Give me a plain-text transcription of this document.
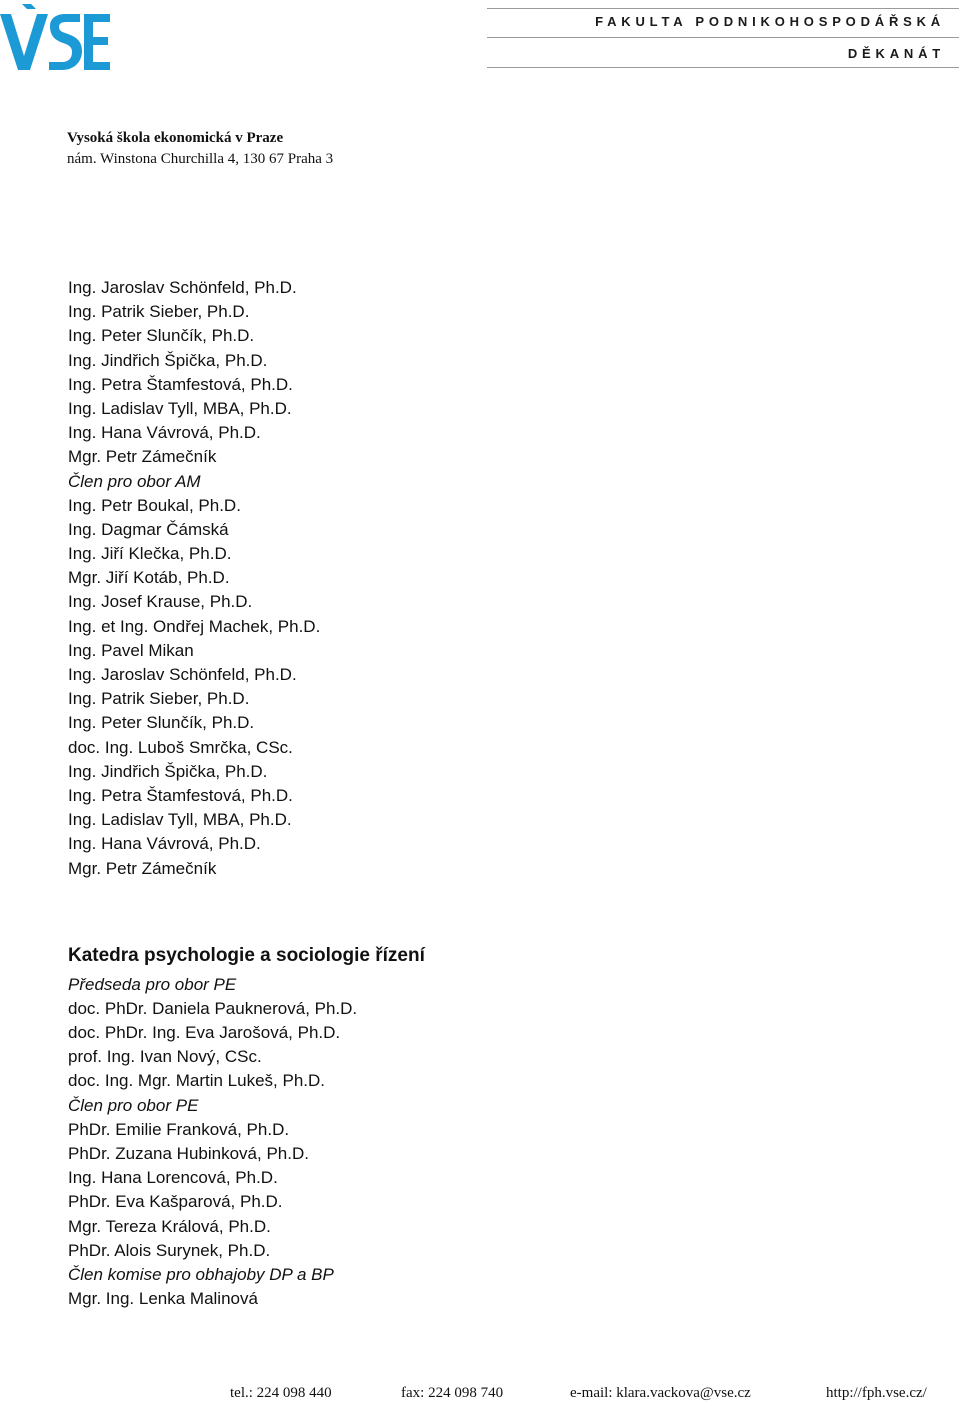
FAKULTA PODNIKOHOSPODÁŘSKÁ
DĚKANÁT
Vysoká škola ekonomická v Praze
nám. Winstona Churchilla 4, 130 67 Praha 3
Ing. Jaroslav Schönfeld, Ph.D.
Ing. Patrik Sieber, Ph.D.
Ing. Peter Slunčík, Ph.D.
Ing. Jindřich Špička, Ph.D.
Ing. Petra Štamfestová, Ph.D.
Ing. Ladislav Tyll, MBA, Ph.D.
Ing. Hana Vávrová, Ph.D.
Mgr. Petr Zámečník
Člen pro obor AM
Ing. Petr Boukal, Ph.D.
Ing. Dagmar Čámská
Ing. Jiří Klečka, Ph.D.
Mgr. Jiří Kotáb, Ph.D.
Ing. Josef Krause, Ph.D.
Ing. et Ing. Ondřej Machek, Ph.D.
Ing. Pavel Mikan
Ing. Jaroslav Schönfeld, Ph.D.
Ing. Patrik Sieber, Ph.D.
Ing. Peter Slunčík, Ph.D.
doc. Ing. Luboš Smrčka, CSc.
Ing. Jindřich Špička, Ph.D.
Ing. Petra Štamfestová, Ph.D.
Ing. Ladislav Tyll, MBA, Ph.D.
Ing. Hana Vávrová, Ph.D.
Mgr. Petr Zámečník
Katedra psychologie a sociologie řízení
Předseda pro obor PE
doc. PhDr. Daniela Pauknerová, Ph.D.
doc. PhDr. Ing. Eva Jarošová, Ph.D.
prof. Ing. Ivan Nový, CSc.
doc. Ing. Mgr. Martin Lukeš, Ph.D.
Člen pro obor PE
PhDr. Emilie Franková, Ph.D.
PhDr. Zuzana Hubinková, Ph.D.
Ing. Hana Lorencová, Ph.D.
PhDr. Eva Kašparová, Ph.D.
Mgr. Tereza Králová, Ph.D.
PhDr. Alois Surynek, Ph.D.
Člen komise pro obhajoby DP a BP
Mgr. Ing. Lenka Malinová
tel.: 224 098 440	fax: 224 098 740	e-mail: klara.vackova@vse.cz	http://fph.vse.cz/
